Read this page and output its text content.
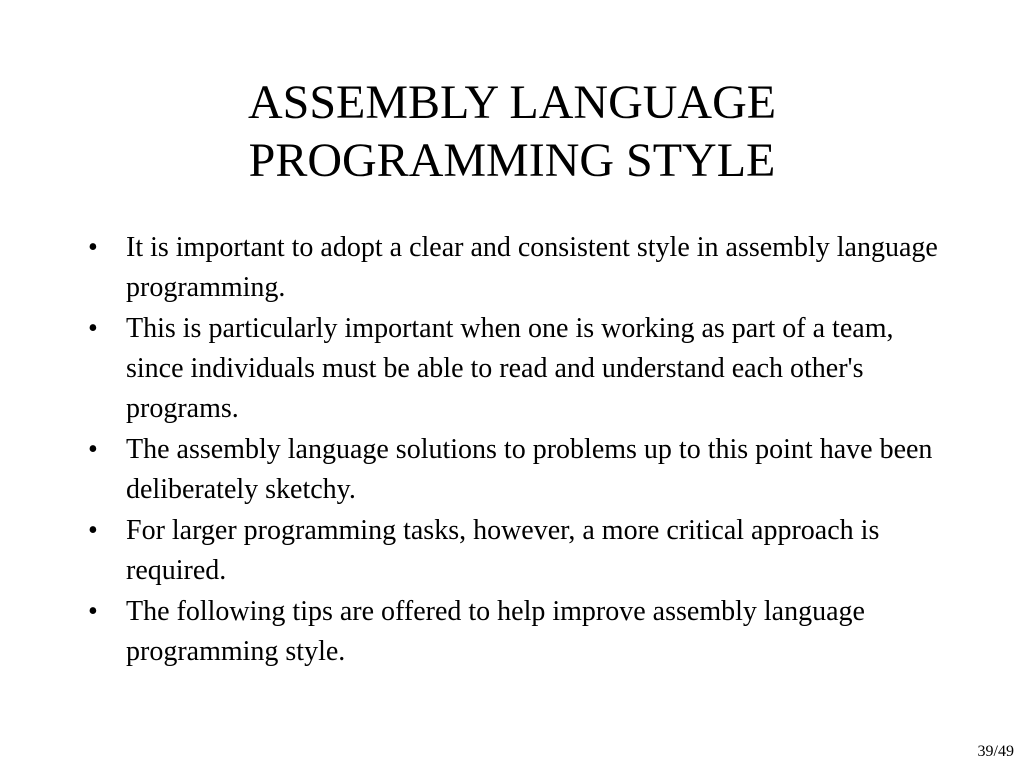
ASSEMBLY LANGUAGE
PROGRAMMING STYLE
• It is important to adopt a clear and consistent style in assembly language programming.
• This is particularly important when one is working as part of a team, since individuals must be able to read and understand each other's programs.
• The assembly language solutions to problems up to this point have been deliberately sketchy.
• For larger programming tasks, however, a more critical approach is required.
• The following tips are offered to help improve assembly language programming style.
39/49
